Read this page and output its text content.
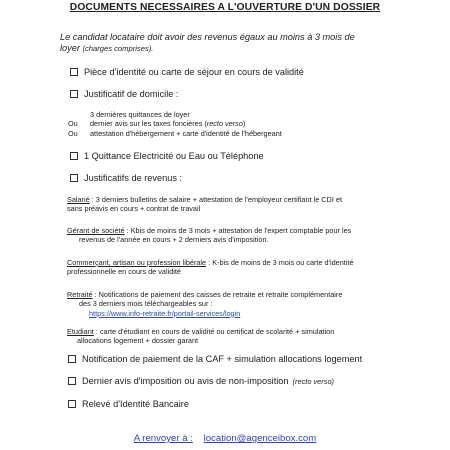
DOCUMENTS NECESSAIRES A L'OUVERTURE D'UN DOSSIER
Le candidat locataire doit avoir des revenus égaux au moins à 3 mois de
loyer (charges comprises).
Pièce d'identité ou carte de séjour en cours de validité
Justificatif de domicile :
3 dernières quittances de loyer
Ou dernier avis sur les taxes foncières (recto verso)
Ou attestation d'hébergement + carte d'identité de l'hébergeant
1 Quittance Electricité ou Eau ou Téléphone
Justificatifs de revenus :
Salarié : 3 derniers bulletins de salaire + attestation de l'employeur certifiant le CDI et
sans préavis en cours + contrat de travail
Gérant de société : Kbis de moins de 3 mois + attestation de l'expert comptable pour les
revenus de l'année en cours + 2 derniers avis d'imposition.
Commerçant, artisan ou profession libérale : K-bis de moins de 3 mois ou carte d'identité
professionnelle en cours de validité
Retraité : Notifications de paiement des caisses de retraite et retraite complémentaire
des 3 derniers mois téléchargeables sur :
https://www.info-retraite.fr/portail-services/login
Etudiant : carte d'étudiant en cours de validité ou certificat de scolarité + simulation
allocations logement + dossier garant
Notification de paiement de la CAF + simulation allocations logement
Dernier avis d'imposition ou avis de non-imposition (recto verso)
Relevé d'Identité Bancaire
A renvoyer à : location@agenceibox.com
